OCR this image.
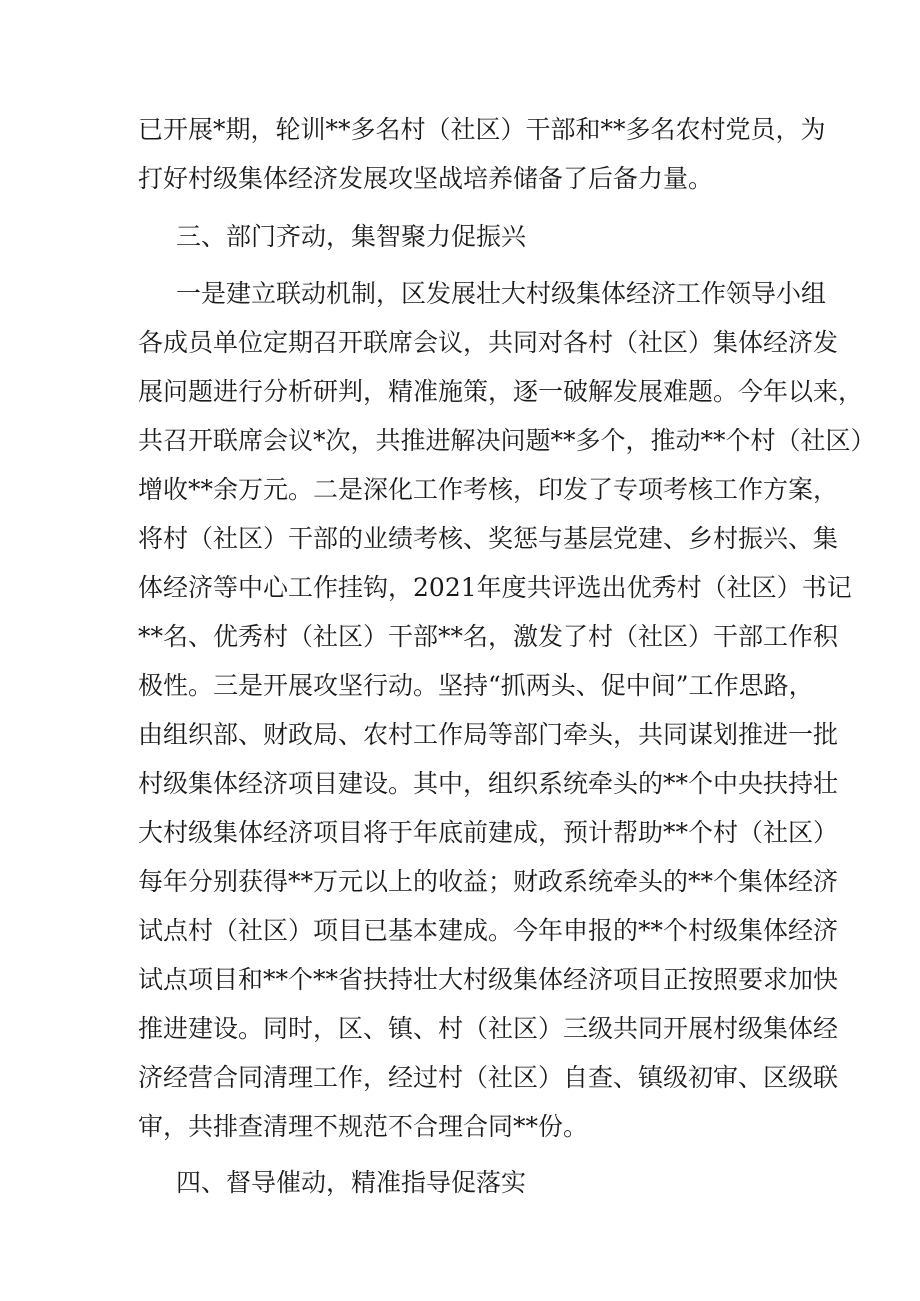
已开展*期，轮训**多名村（社区）干部和**多名农村党员，为
打好村级集体经济发展攻坚战培养储备了后备力量。
三、部门齐动，集智聚力促振兴
一是建立联动机制，区发展壮大村级集体经济工作领导小组
各成员单位定期召开联席会议，共同对各村（社区）集体经济发
展问题进行分析研判，精准施策，逐一破解发展难题。今年以来，
共召开联席会议*次，共推进解决问题**多个，推动**个村（社区）
增收**余万元。二是深化工作考核，印发了专项考核工作方案，
将村（社区）干部的业绩考核、奖惩与基层党建、乡村振兴、集
体经济等中心工作挂钩，2021年度共评选出优秀村（社区）书记
**名、优秀村（社区）干部**名，激发了村（社区）干部工作积
极性。三是开展攻坚行动。坚持“抓两头、促中间”工作思路，
由组织部、财政局、农村工作局等部门牵头，共同谋划推进一批
村级集体经济项目建设。其中，组织系统牵头的**个中央扶持壮
大村级集体经济项目将于年底前建成，预计帮助**个村（社区）
每年分别获得**万元以上的收益；财政系统牵头的**个集体经济
试点村（社区）项目已基本建成。今年申报的**个村级集体经济
试点项目和**个**省扶持壮大村级集体经济项目正按照要求加快
推进建设。同时，区、镇、村（社区）三级共同开展村级集体经
济经营合同清理工作，经过村（社区）自查、镇级初审、区级联
审，共排查清理不规范不合理合同**份。
四、督导催动，精准指导促落实
